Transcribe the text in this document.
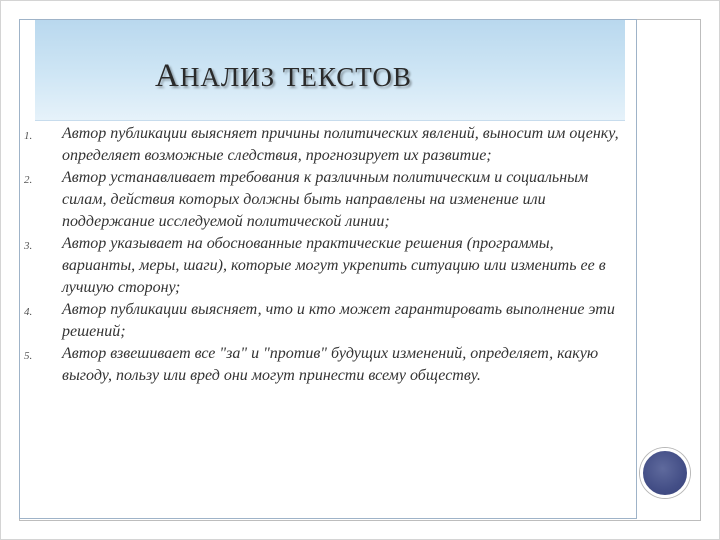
АНАЛИЗ ТЕКСТОВ
1. Автор публикации выясняет причины политических явлений, выносит им оценку, определяет возможные следствия, прогнозирует их развитие;
2. Автор устанавливает требования к различным политическим и социальным силам, действия которых должны быть направлены на изменение или поддержание исследуемой политической линии;
3. Автор указывает на обоснованные практические решения (программы, варианты, меры, шаги), которые могут укрепить ситуацию или изменить ее в лучшую сторону;
4. Автор публикации выясняет, что и кто может гарантировать выполнение эти решений;
5. Автор взвешивает все "за" и "против" будущих изменений, определяет, какую выгоду, пользу или вред они могут принести всему обществу.
